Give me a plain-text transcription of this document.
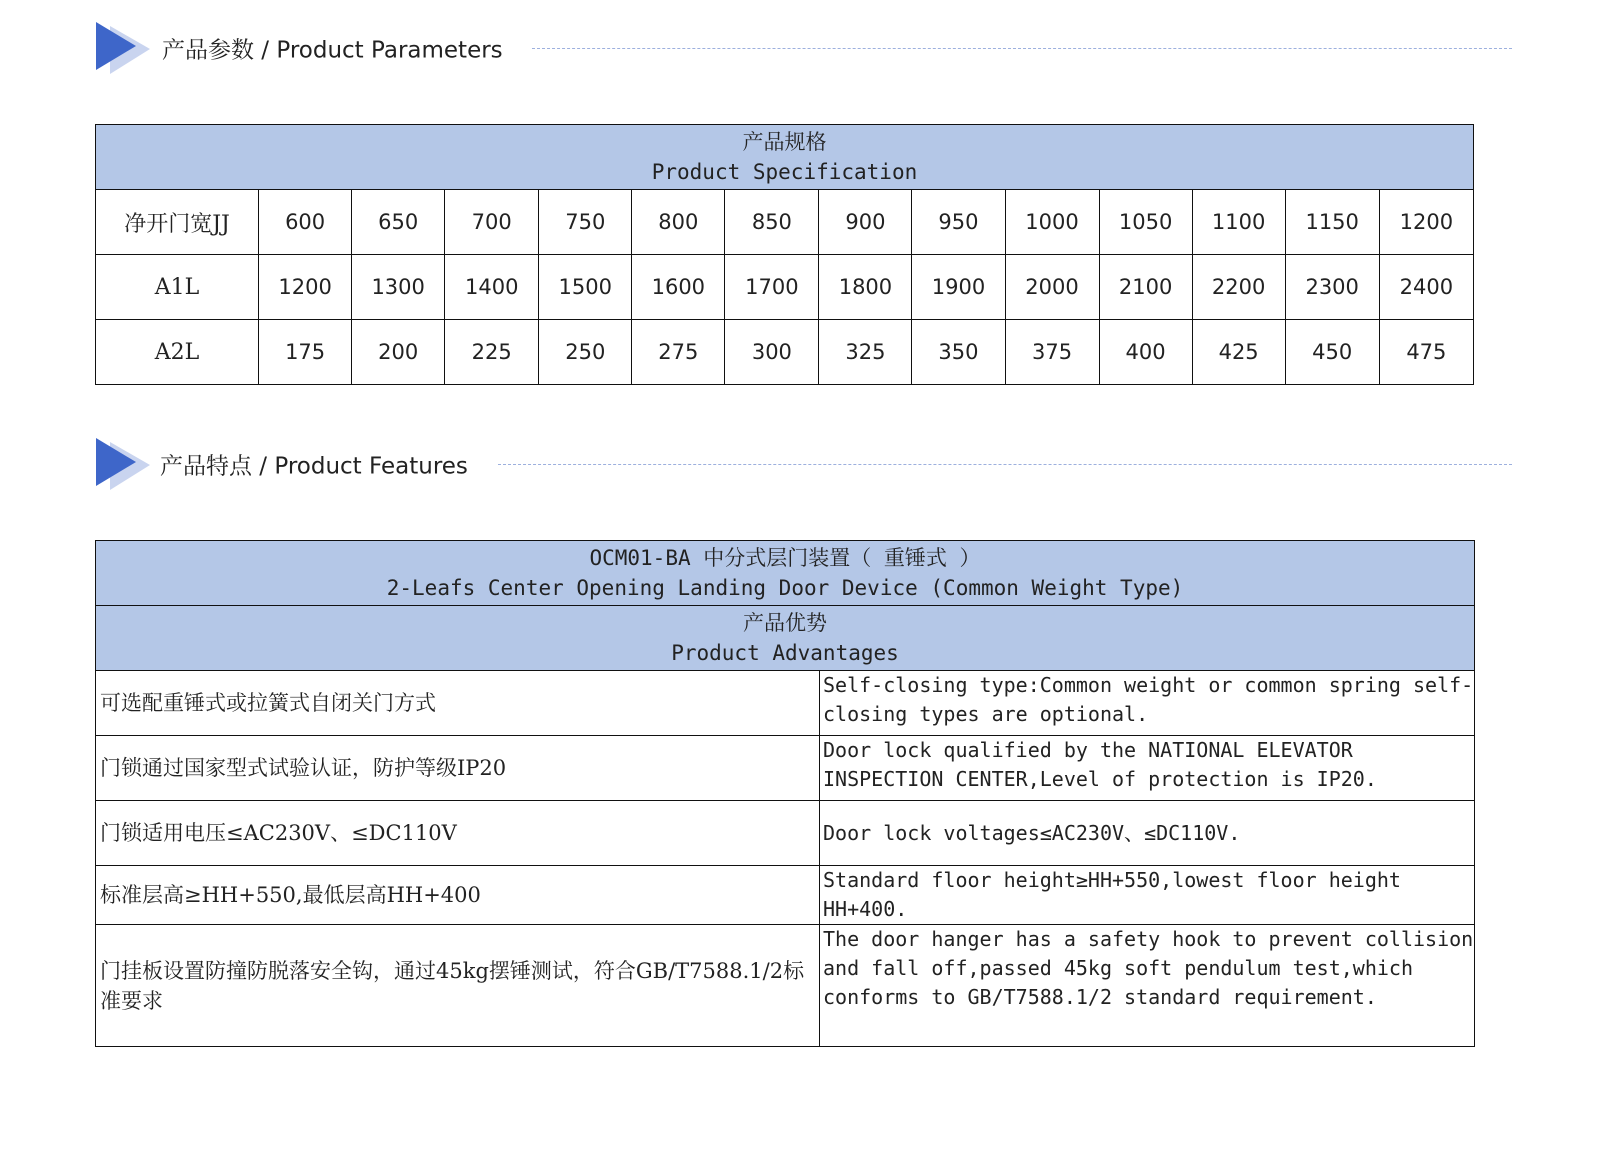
产品参数 / Product Parameters
产品规格
Product Specification													

净开门宽JJ	600	650	700	750	800	850	900	950	1000	1050	1100	1150	1200
A1L	1200	1300	1400	1500	1600	1700	1800	1900	2000	2100	2200	2300	2400
A2L	175	200	225	250	275	300	325	350	375	400	425	450	475
产品特点 / Product Features
OCM01-BA 中分式层门装置（ 重锤式 ）
2-Leafs Center Opening Landing Door Device (Common Weight Type)	

产品优势
Product Advantages	

可选配重锤式或拉簧式自闭关门方式	Self-closing type:Common weight or common spring self-closing types are optional.
门锁通过国家型式试验认证，防护等级IP20	Door lock qualified by the NATIONAL ELEVATOR INSPECTION CENTER,Level of protection is IP20.
门锁适用电压≤AC230V、≤DC110V	Door lock voltages≤AC230V、≤DC110V.
标准层高≥HH+550,最低层高HH+400	Standard floor height≥HH+550,lowest floor height HH+400.
门挂板设置防撞防脱落安全钩，通过45kg摆锤测试，符合GB/T7588.1/2标准要求	The door hanger has a safety hook to prevent collision and fall off,passed 45kg soft pendulum test,which conforms to GB/T7588.1/2 standard requirement.
